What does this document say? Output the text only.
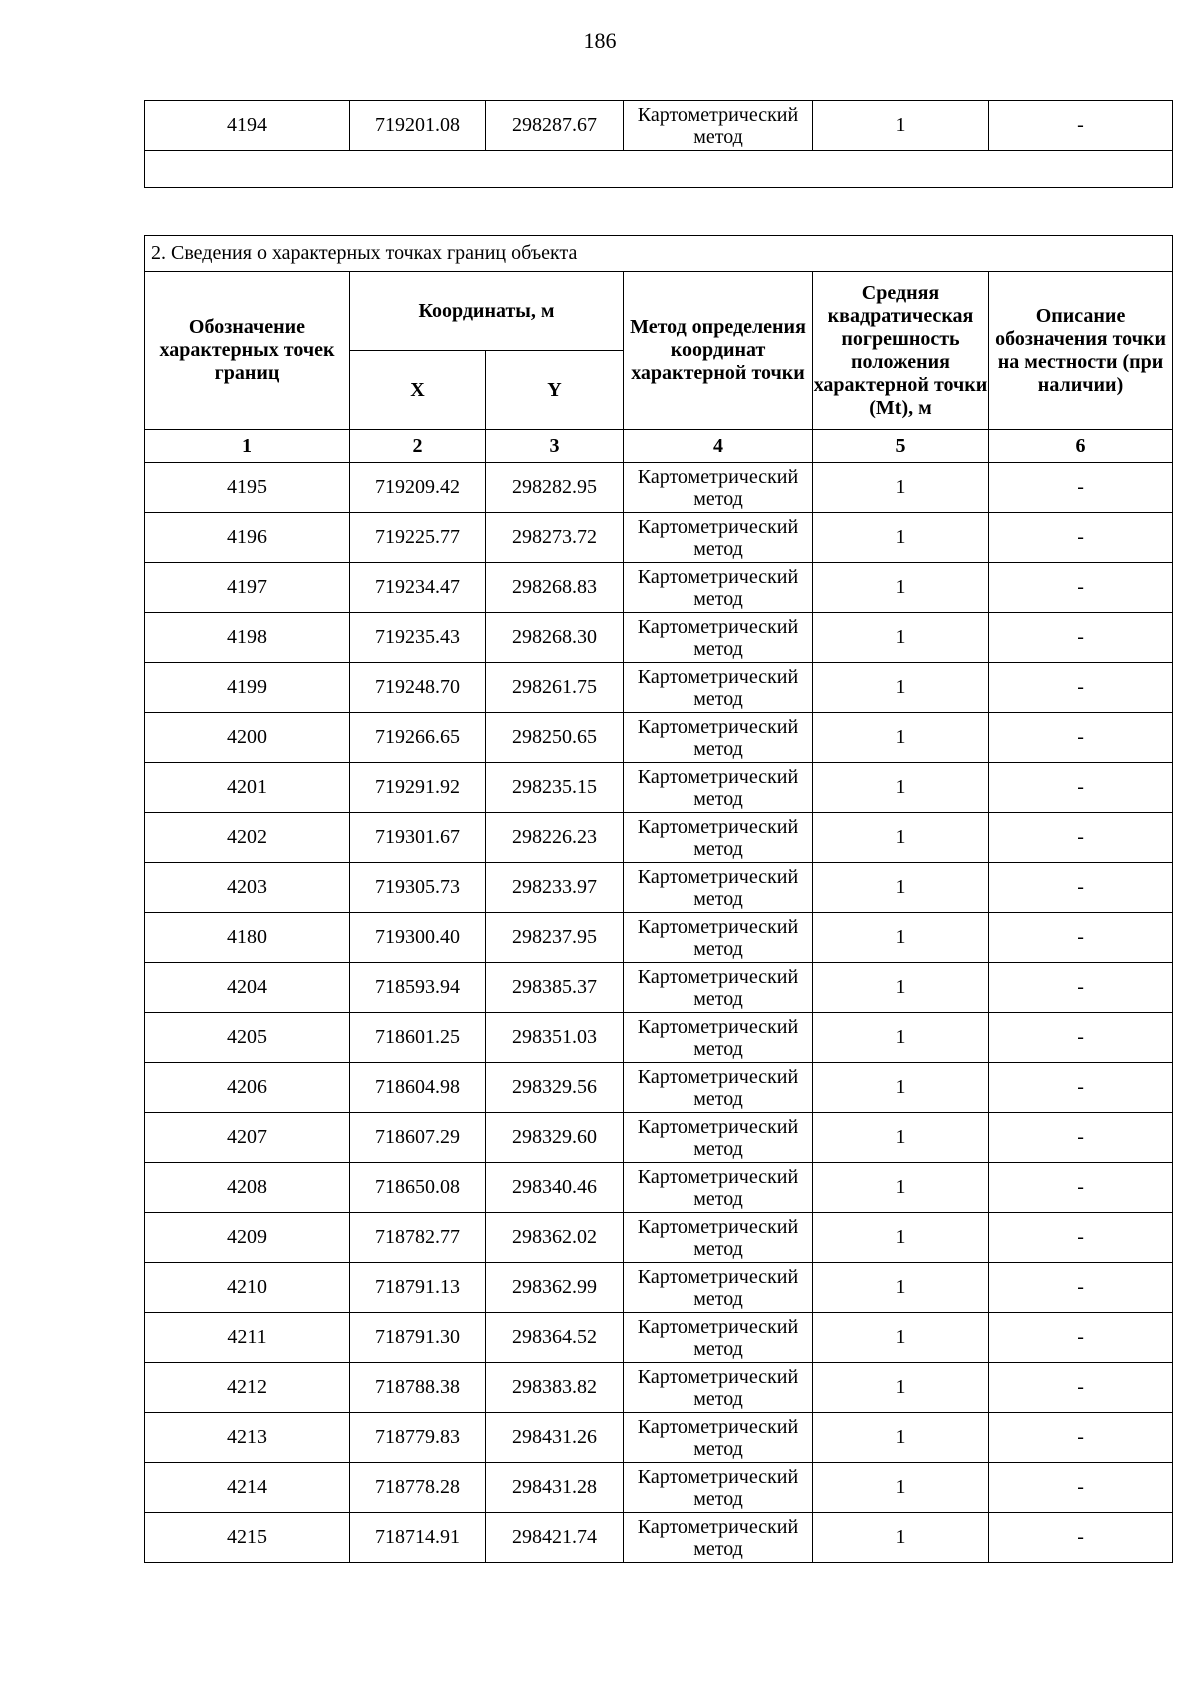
186
4194	719201.08	298287.67	Картометрический метод	1	-

2. Сведения о характерных точках границ объекта					
Обозначение характерных точек границ	Координаты, м		Метод определения координат характерной точки	Средняя квадратическая погрешность положения характерной точки (Mt), м	Описание обозначения точки на местности (при наличии)
	X	Y			
1	2	3	4	5	6
4195	719209.42	298282.95	Картометрический метод	1	-
4196	719225.77	298273.72	Картометрический метод	1	-
4197	719234.47	298268.83	Картометрический метод	1	-
4198	719235.43	298268.30	Картометрический метод	1	-
4199	719248.70	298261.75	Картометрический метод	1	-
4200	719266.65	298250.65	Картометрический метод	1	-
4201	719291.92	298235.15	Картометрический метод	1	-
4202	719301.67	298226.23	Картометрический метод	1	-
4203	719305.73	298233.97	Картометрический метод	1	-
4180	719300.40	298237.95	Картометрический метод	1	-
4204	718593.94	298385.37	Картометрический метод	1	-
4205	718601.25	298351.03	Картометрический метод	1	-
4206	718604.98	298329.56	Картометрический метод	1	-
4207	718607.29	298329.60	Картометрический метод	1	-
4208	718650.08	298340.46	Картометрический метод	1	-
4209	718782.77	298362.02	Картометрический метод	1	-
4210	718791.13	298362.99	Картометрический метод	1	-
4211	718791.30	298364.52	Картометрический метод	1	-
4212	718788.38	298383.82	Картометрический метод	1	-
4213	718779.83	298431.26	Картометрический метод	1	-
4214	718778.28	298431.28	Картометрический метод	1	-
4215	718714.91	298421.74	Картометрический метод	1	-
